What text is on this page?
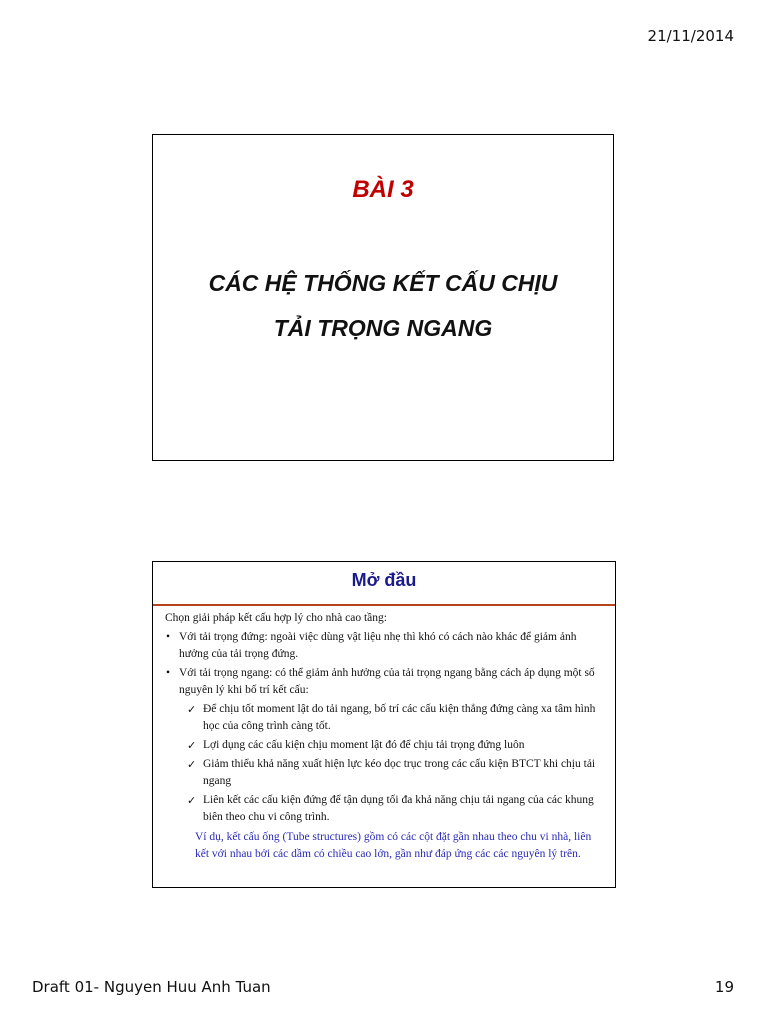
21/11/2014
BÀI 3
CÁC HỆ THỐNG KẾT CẤU CHỊU
TẢI TRỌNG NGANG
Mở đầu

Chọn giải pháp kết cấu hợp lý cho nhà cao tầng:

• Với tải trọng đứng: ngoài việc dùng vật liệu nhẹ thì khó có cách nào khác để giảm ảnh hưởng của tải trọng đứng.
• Với tải trọng ngang: có thể giảm ảnh hưởng của tải trọng ngang bằng cách áp dụng một số nguyên lý khi bố trí kết cấu:
✓ Để chịu tốt moment lật do tải ngang, bố trí các cấu kiện thẳng đứng càng xa tâm hình học của công trình càng tốt.
✓ Lợi dụng các cấu kiện chịu moment lật đó để chịu tải trọng đứng luôn
✓ Giảm thiểu khả năng xuất hiện lực kéo dọc trục trong các cấu kiện BTCT khi chịu tải ngang
✓ Liên kết các cấu kiện đứng để tận dụng tối đa khả năng chịu tải ngang của các khung biên theo chu vi công trình.

Ví dụ, kết cấu ống (Tube structures) gồm có các cột đặt gần nhau theo chu vi nhà, liên kết với nhau bởi các dầm có chiều cao lớn, gần như đáp ứng các các nguyên lý trên.

Draft 01- Nguyen Huu Anh Tuan	19
